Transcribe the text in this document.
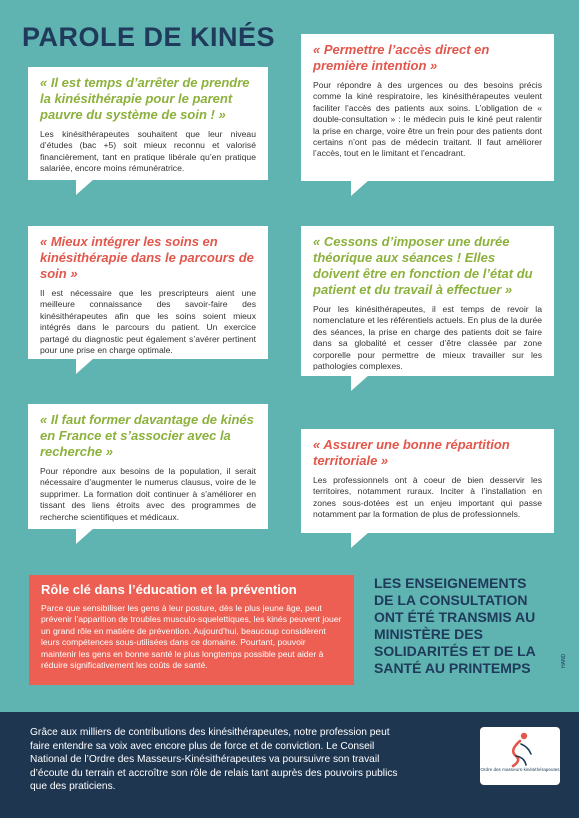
PAROLE DE KINÉS

« Il est temps d’arrêter de prendre la kinésithérapie pour le parent pauvre du système de soin ! »

Les kinésithérapeutes souhaitent que leur niveau d’études (bac +5) soit mieux reconnu et valorisé financièrement, tant en pratique libérale qu’en pratique salariée, encore moins rémunératrice.

« Permettre l’accès direct en première intention »

Pour répondre à des urgences ou des besoins précis comme la kiné respiratoire, les kinésithérapeutes veulent faciliter l’accès des patients aux soins. L’obligation de « double-consultation » : le médecin puis le kiné peut ralentir la prise en charge, voire être un frein pour des patients dont certains n’ont pas de médecin traitant. Il faut améliorer l’accès, tout en le limitant et l’encadrant.

« Mieux intégrer les soins en kinésithérapie dans le parcours de soin »

Il est nécessaire que les prescripteurs aient une meilleure connaissance des savoir-faire des kinésithérapeutes afin que les soins soient mieux intégrés dans le parcours du patient. Un exercice partagé du diagnostic peut également s’avérer pertinent pour une prise en charge optimale.

« Cessons d’imposer une durée théorique aux séances ! Elles doivent être en fonction de l’état du patient et du travail à effectuer »

Pour les kinésithérapeutes, il est temps de revoir la nomenclature et les référentiels actuels. En plus de la durée des séances, la prise en charge des patients doit se faire dans sa globalité et cesser d’être classée par zone corporelle pour permettre de mieux travailler sur les pathologies complexes.

« Il faut former davantage de kinés en France et s’associer avec la recherche »

Pour répondre aux besoins de la population, il serait nécessaire d’augmenter le numerus clausus, voire de le supprimer. La formation doit continuer à s’améliorer en tissant des liens étroits avec des programmes de recherche scientifiques et médicaux.

« Assurer une bonne répartition territoriale »

Les professionnels ont à coeur de bien desservir les territoires, notamment ruraux. Inciter à l’installation en zones sous-dotées est un enjeu important qui passe notamment par la formation de plus de professionnels.

Rôle clé dans l’éducation et la prévention

Parce que sensibiliser les gens à leur posture, dès le plus jeune âge, peut prévenir l’apparition de troubles musculo-squelettiques, les kinés peuvent jouer un grand rôle en matière de prévention. Aujourd’hui, beaucoup considèrent leurs compétences sous-utilisées dans ce domaine. Pourtant, pouvoir maintenir les gens en bonne santé le plus longtemps possible peut aider à réduire significativement les coûts de santé.

LES ENSEIGNEMENTS DE LA CONSULTATION ONT ÉTÉ TRANSMIS AU MINISTÈRE DES SOLIDARITÉS ET DE LA SANTÉ AU PRINTEMPS	HAND

Grâce aux milliers de contributions des kinésithérapeutes, notre profession peut faire entendre sa voix avec encore plus de force et de conviction. Le Conseil National de l’Ordre des Masseurs-Kinésithérapeutes va poursuivre son travail d’écoute du terrain et accroître son rôle de relais tant auprès des pouvoirs publics que des praticiens.

Ordre des masseurs-kinésithérapeutes
